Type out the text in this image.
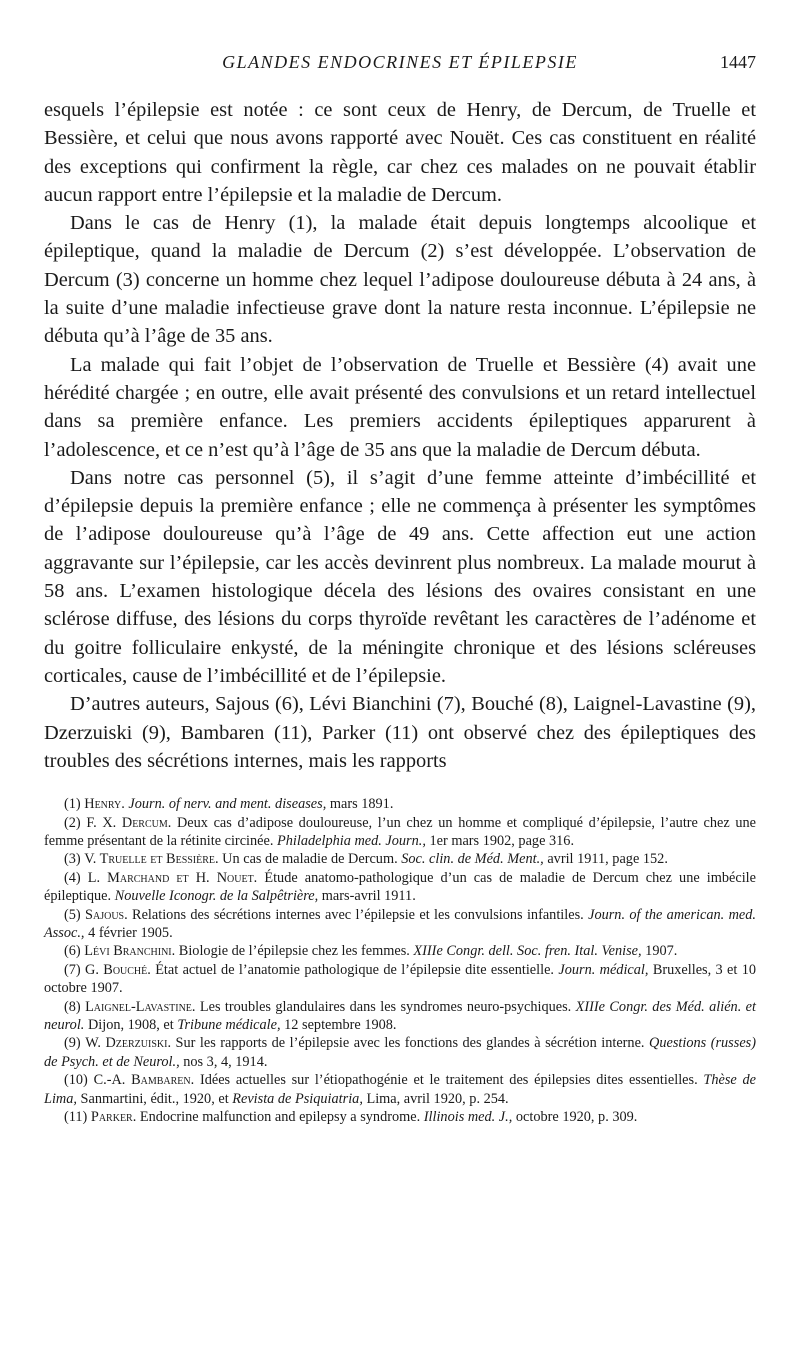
GLANDES ENDOCRINES ET ÉPILEPSIE	1447

esquels l’épilepsie est notée : ce sont ceux de Henry, de Dercum, de Truelle et Bessière, et celui que nous avons rapporté avec Nouët. Ces cas constituent en réalité des exceptions qui confirment la règle, car chez ces malades on ne pouvait établir aucun rapport entre l’épilepsie et la maladie de Dercum.

Dans le cas de Henry (1), la malade était depuis longtemps alcoolique et épileptique, quand la maladie de Dercum (2) s’est développée. L’observation de Dercum (3) concerne un homme chez lequel l’adipose douloureuse débuta à 24 ans, à la suite d’une maladie infectieuse grave dont la nature resta inconnue. L’épilepsie ne débuta qu’à l’âge de 35 ans.

La malade qui fait l’objet de l’observation de Truelle et Bessière (4) avait une hérédité chargée ; en outre, elle avait présenté des convulsions et un retard intellectuel dans sa première enfance. Les premiers accidents épileptiques apparurent à l’adolescence, et ce n’est qu’à l’âge de 35 ans que la maladie de Dercum débuta.

Dans notre cas personnel (5), il s’agit d’une femme atteinte d’imbécillité et d’épilepsie depuis la première enfance ; elle ne commença à présenter les symptômes de l’adipose douloureuse qu’à l’âge de 49 ans. Cette affection eut une action aggravante sur l’épilepsie, car les accès devinrent plus nombreux. La malade mourut à 58 ans. L’examen histologique décela des lésions des ovaires consistant en une sclérose diffuse, des lésions du corps thyroïde revêtant les caractères de l’adénome et du goitre folliculaire enkysté, de la méningite chronique et des lésions scléreuses corticales, cause de l’imbécillité et de l’épilepsie.

D’autres auteurs, Sajous (6), Lévi Bianchini (7), Bouché (8), Laignel-Lavastine (9), Dzerzuiski (9), Bambaren (11), Parker (11) ont observé chez des épileptiques des troubles des sécrétions internes, mais les rapports

(1) Henry. Journ. of nerv. and ment. diseases, mars 1891.

(2) F. X. Dercum. Deux cas d’adipose douloureuse, l’un chez un homme et compliqué d’épilepsie, l’autre chez une femme présentant de la rétinite circinée. Philadelphia med. Journ., 1er mars 1902, page 316.

(3) V. Truelle et Bessière. Un cas de maladie de Dercum. Soc. clin. de Méd. Ment., avril 1911, page 152.

(4) L. Marchand et H. Nouet. Étude anatomo-pathologique d’un cas de maladie de Dercum chez une imbécile épileptique. Nouvelle Iconogr. de la Salpêtrière, mars-avril 1911.

(5) Sajous. Relations des sécrétions internes avec l’épilepsie et les convulsions infantiles. Journ. of the american. med. Assoc., 4 février 1905.

(6) Lévi Branchini. Biologie de l’épilepsie chez les femmes. XIIIe Congr. dell. Soc. fren. Ital. Venise, 1907.

(7) G. Bouché. État actuel de l’anatomie pathologique de l’épilepsie dite essentielle. Journ. médical, Bruxelles, 3 et 10 octobre 1907.

(8) Laignel-Lavastine. Les troubles glandulaires dans les syndromes neuro-psychiques. XIIIe Congr. des Méd. alién. et neurol. Dijon, 1908, et Tribune médicale, 12 septembre 1908.

(9) W. Dzerzuiski. Sur les rapports de l’épilepsie avec les fonctions des glandes à sécrétion interne. Questions (russes) de Psych. et de Neurol., nos 3, 4, 1914.

(10) C.-A. Bambaren. Idées actuelles sur l’étiopathogénie et le traitement des épilepsies dites essentielles. Thèse de Lima, Sanmartini, édit., 1920, et Revista de Psiquiatria, Lima, avril 1920, p. 254.

(11) Parker. Endocrine malfunction and epilepsy a syndrome. Illinois med. J., octobre 1920, p. 309.
